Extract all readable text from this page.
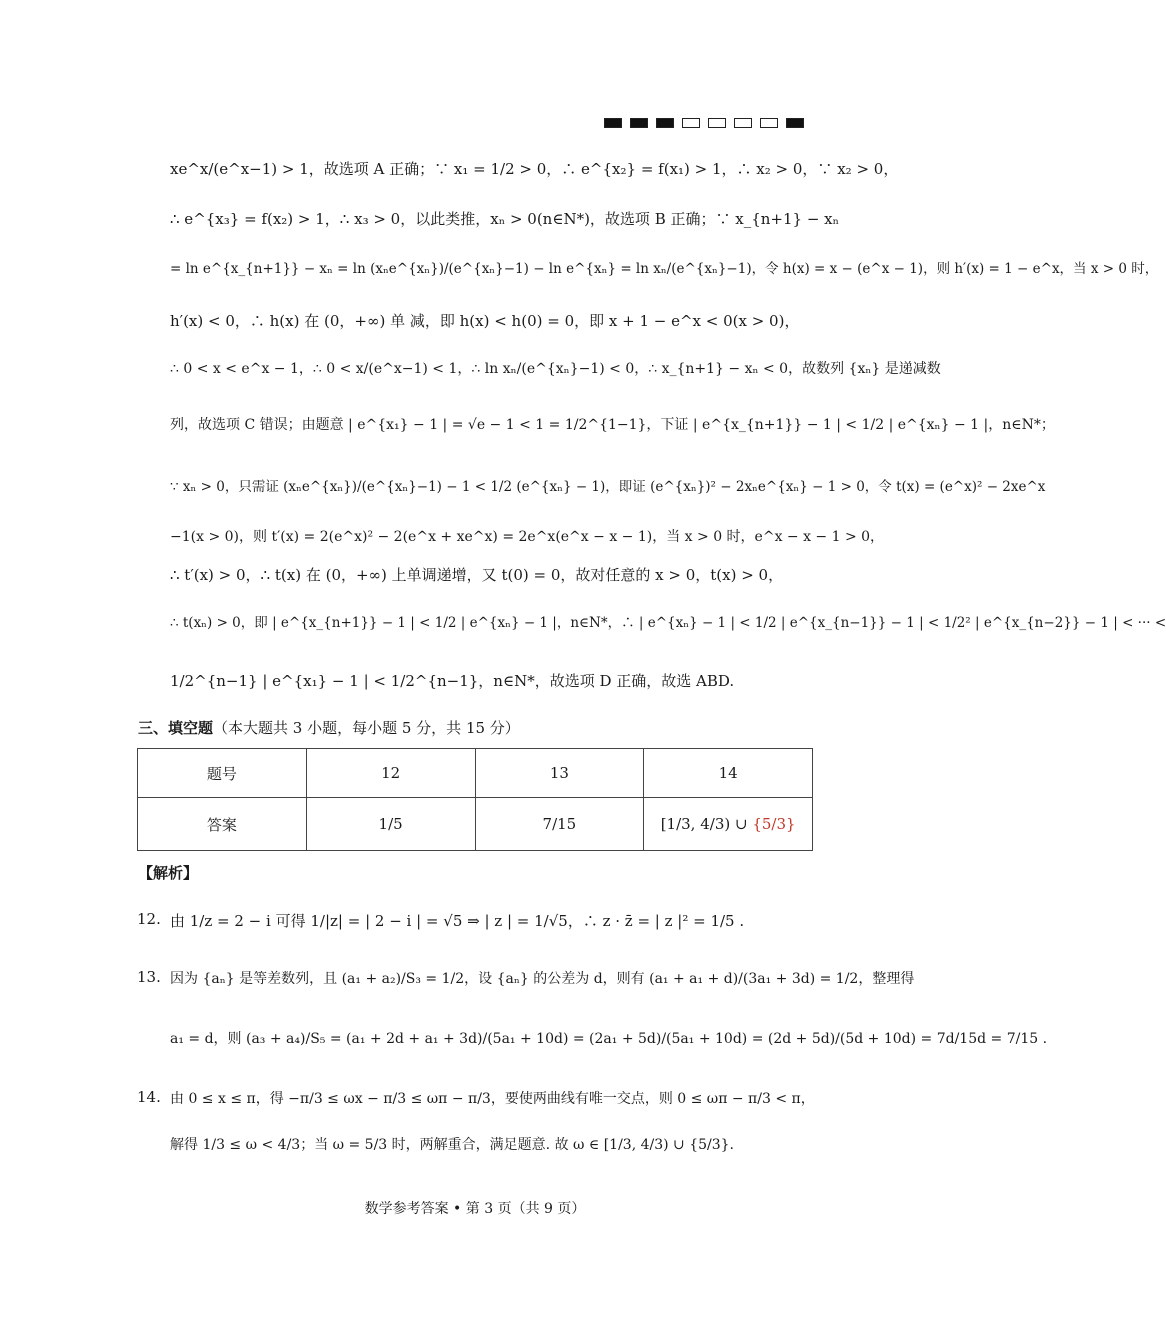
xe^x/(e^x−1) > 1，故选项 A 正确；∵ x₁ = 1/2 > 0，∴ e^{x₂} = f(x₁) > 1，∴ x₂ > 0，∵ x₂ > 0，
∴ e^{x₃} = f(x₂) > 1，∴ x₃ > 0，以此类推，xₙ > 0(n∈N*)，故选项 B 正确；∵ x_{n+1} − xₙ
= ln e^{x_{n+1}} − xₙ = ln (xₙe^{xₙ})/(e^{xₙ}−1) − ln e^{xₙ} = ln xₙ/(e^{xₙ}−1)，令 h(x) = x − (e^x − 1)，则 h′(x) = 1 − e^x，当 x > 0 时，
h′(x) < 0，∴ h(x) 在 (0，+∞) 单 减，即 h(x) < h(0) = 0，即 x + 1 − e^x < 0(x > 0)，
∴ 0 < x < e^x − 1，∴ 0 < x/(e^x−1) < 1，∴ ln xₙ/(e^{xₙ}−1) < 0，∴ x_{n+1} − xₙ < 0，故数列 {xₙ} 是递减数
列，故选项 C 错误；由题意 | e^{x₁} − 1 | = √e − 1 < 1 = 1/2^{1−1}，下证 | e^{x_{n+1}} − 1 | < 1/2 | e^{xₙ} − 1 |，n∈N*；
∵ xₙ > 0，只需证 (xₙe^{xₙ})/(e^{xₙ}−1) − 1 < 1/2 (e^{xₙ} − 1)，即证 (e^{xₙ})² − 2xₙe^{xₙ} − 1 > 0，令 t(x) = (e^x)² − 2xe^x
−1(x > 0)，则 t′(x) = 2(e^x)² − 2(e^x + xe^x) = 2e^x(e^x − x − 1)，当 x > 0 时，e^x − x − 1 > 0，
∴ t′(x) > 0，∴ t(x) 在 (0，+∞) 上单调递增，又 t(0) = 0，故对任意的 x > 0，t(x) > 0，
∴ t(xₙ) > 0，即 | e^{x_{n+1}} − 1 | < 1/2 | e^{xₙ} − 1 |，n∈N*，∴ | e^{xₙ} − 1 | < 1/2 | e^{x_{n−1}} − 1 | < 1/2² | e^{x_{n−2}} − 1 | < ··· <
1/2^{n−1} | e^{x₁} − 1 | < 1/2^{n−1}，n∈N*，故选项 D 正确，故选 ABD.
三、填空题（本大题共 3 小题，每小题 5 分，共 15 分）
题号	12	13	14
答案	1/5	7/15	[1/3, 4/3) ∪ {5/3}
【解析】
12. 由 1/z = 2 − i 可得 1/|z| = | 2 − i | = √5 ⇒ | z | = 1/√5，∴ z · z̄ = | z |² = 1/5 .
13. 因为 {aₙ} 是等差数列，且 (a₁ + a₂)/S₃ = 1/2，设 {aₙ} 的公差为 d，则有 (a₁ + a₁ + d)/(3a₁ + 3d) = 1/2，整理得
a₁ = d，则 (a₃ + a₄)/S₅ = (a₁ + 2d + a₁ + 3d)/(5a₁ + 10d) = (2a₁ + 5d)/(5a₁ + 10d) = (2d + 5d)/(5d + 10d) = 7d/15d = 7/15 .
14. 由 0 ≤ x ≤ π，得 −π/3 ≤ ωx − π/3 ≤ ωπ − π/3，要使两曲线有唯一交点，则 0 ≤ ωπ − π/3 < π，
解得 1/3 ≤ ω < 4/3；当 ω = 5/3 时，两解重合，满足题意. 故 ω ∈ [1/3, 4/3) ∪ {5/3}.
数学参考答案 • 第 3 页（共 9 页）
